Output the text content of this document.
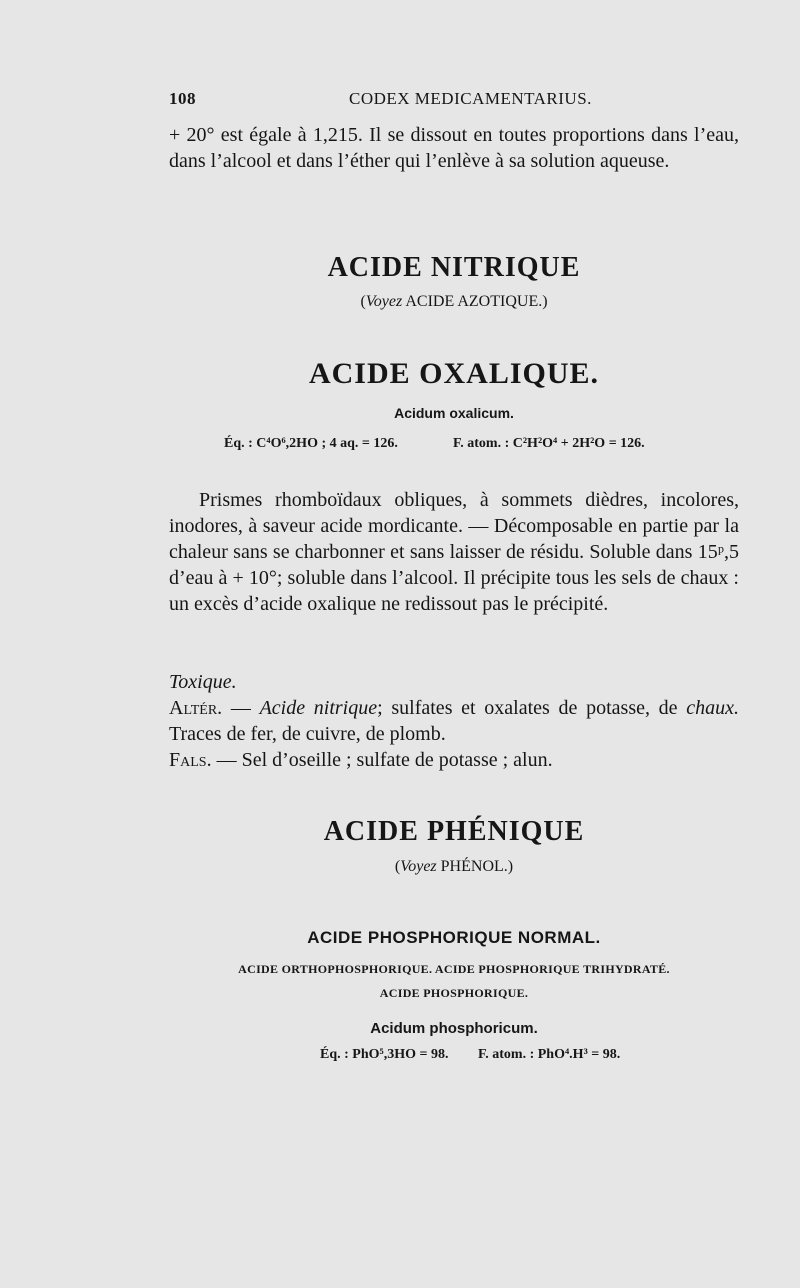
108	CODEX MEDICAMENTARIUS.

+ 20° est égale à 1,215. Il se dissout en toutes proportions dans l’eau, dans l’alcool et dans l’éther qui l’enlève à sa solution aqueuse.

ACIDE NITRIQUE
(Voyez ACIDE AZOTIQUE.)
ACIDE OXALIQUE.
Acidum oxalicum.
Éq. : C⁴O⁶,2HO ; 4 aq. = 126.	F. atom. : C²H²O⁴ + 2H²O = 126.

Prismes rhomboïdaux obliques, à sommets dièdres, incolores, inodores, à saveur acide mordicante. — Décomposable en partie par la chaleur sans se charbonner et sans laisser de résidu. Soluble dans 15ᵖ,5 d’eau à + 10°; soluble dans l’alcool. Il précipite tous les sels de chaux : un excès d’acide oxalique ne redissout pas le précipité.

Toxique.

Altér. — Acide nitrique; sulfates et oxalates de potasse, de chaux. Traces de fer, de cuivre, de plomb.

Fals. — Sel d’oseille ; sulfate de potasse ; alun.

ACIDE PHÉNIQUE
(Voyez PHÉNOL.)
ACIDE PHOSPHORIQUE NORMAL.
ACIDE ORTHOPHOSPHORIQUE. ACIDE PHOSPHORIQUE TRIHYDRATÉ.
ACIDE PHOSPHORIQUE.
Acidum phosphoricum.
Éq. : PhO⁵,3HO = 98. F. atom. : PhO⁴.H³ = 98.
